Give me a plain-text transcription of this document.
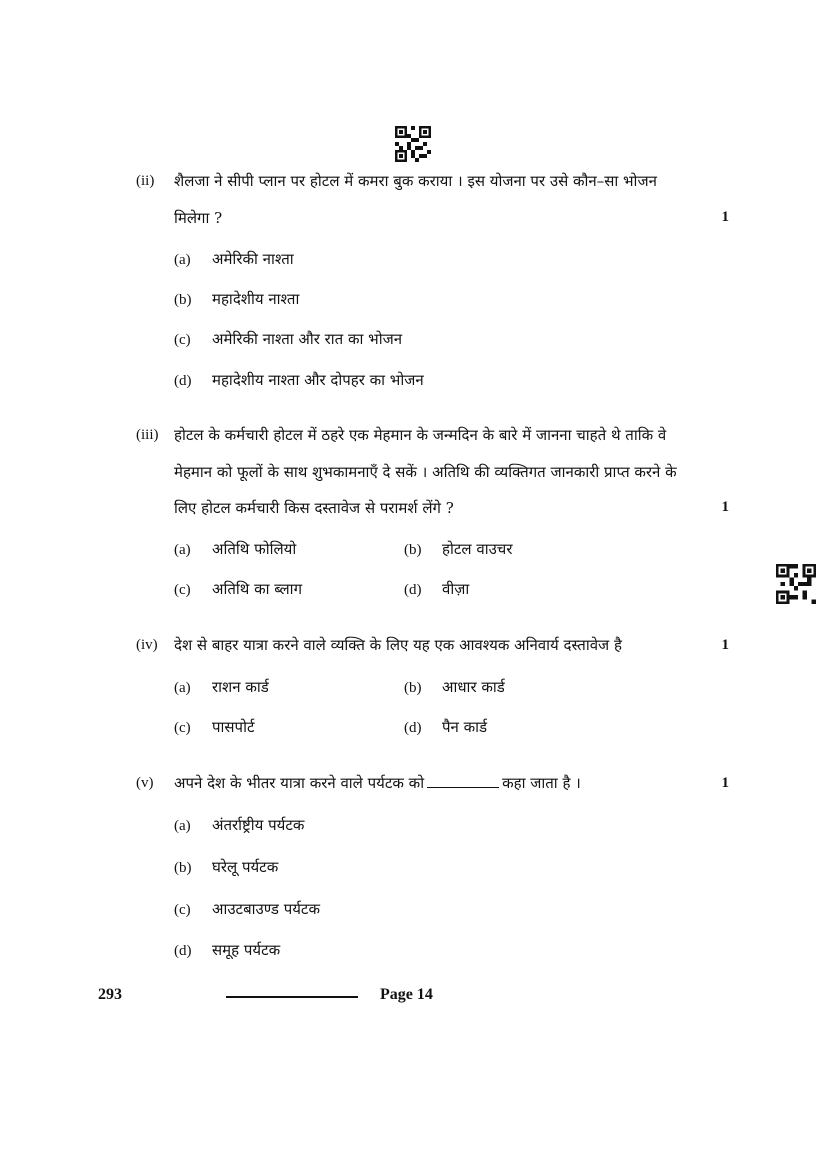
(ii) शैलजा ने सीपी प्लान पर होटल में कमरा बुक कराया । इस योजना पर उसे कौन–सा भोजन
मिलेगा ?	1
(a) अमेरिकी नाश्ता
(b) महादेशीय नाश्ता
(c) अमेरिकी नाश्ता और रात का भोजन
(d) महादेशीय नाश्ता और दोपहर का भोजन
(iii) होटल के कर्मचारी होटल में ठहरे एक मेहमान के जन्मदिन के बारे में जानना चाहते थे ताकि वे
मेहमान को फूलों के साथ शुभकामनाएँ दे सकें । अतिथि की व्यक्तिगत जानकारी प्राप्त करने के
लिए होटल कर्मचारी किस दस्तावेज से परामर्श लेंगे ?	1
(a) अतिथि फोलियो	(b) होटल वाउचर
(c) अतिथि का ब्लाग	(d) वीज़ा
(iv) देश से बाहर यात्रा करने वाले व्यक्ति के लिए यह एक आवश्यक अनिवार्य दस्तावेज है	1
(a) राशन कार्ड	(b) आधार कार्ड
(c) पासपोर्ट	(d) पैन कार्ड
(v) अपने देश के भीतर यात्रा करने वाले पर्यटक को	कहा जाता है ।	1
(a) अंतर्राष्ट्रीय पर्यटक
(b) घरेलू पर्यटक
(c) आउटबाउण्ड पर्यटक
(d) समूह पर्यटक
293	Page 14
